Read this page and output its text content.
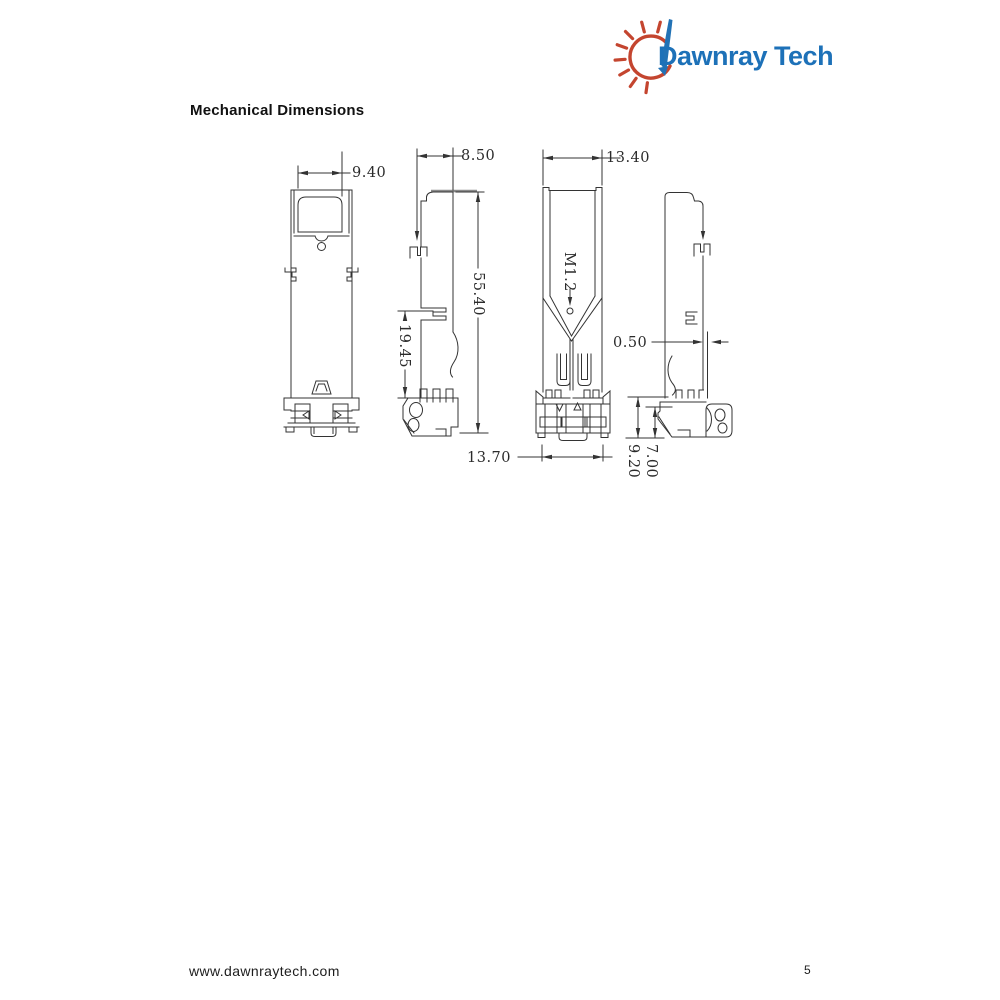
Dawnray Tech
Mechanical Dimensions
9.40
8.50	13.40
55.40
19.45
M1.2
0.50
13.70	9.20 7.00
www.dawnraytech.com	5
